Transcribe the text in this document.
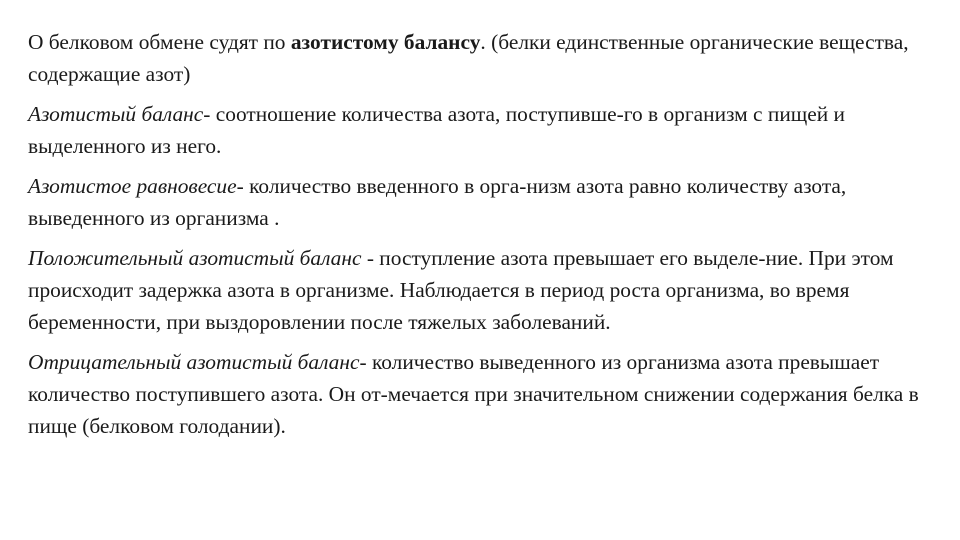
О белковом обмене судят по азотистому балансу. (белки единственные органические вещества, содержащие азот)

Азотистый баланс- соотношение количества азота, поступивше-го в организм с пищей и выделенного из него.

Азотистое равновесие- количество введенного в орга-низм азота равно количеству азота, выведенного из организма .

Положительный азотистый баланс - поступление азота превышает его выделе-ние. При этом происходит задержка азота в организме. Наблюдается в период роста организма, во время беременности, при выздоровлении после тяжелых заболеваний.

Отрицательный азотистый баланс- количество выведенного из организма азота превышает количество поступившего азота. Он от-мечается при значительном снижении содержания белка в пище (белковом голодании).
